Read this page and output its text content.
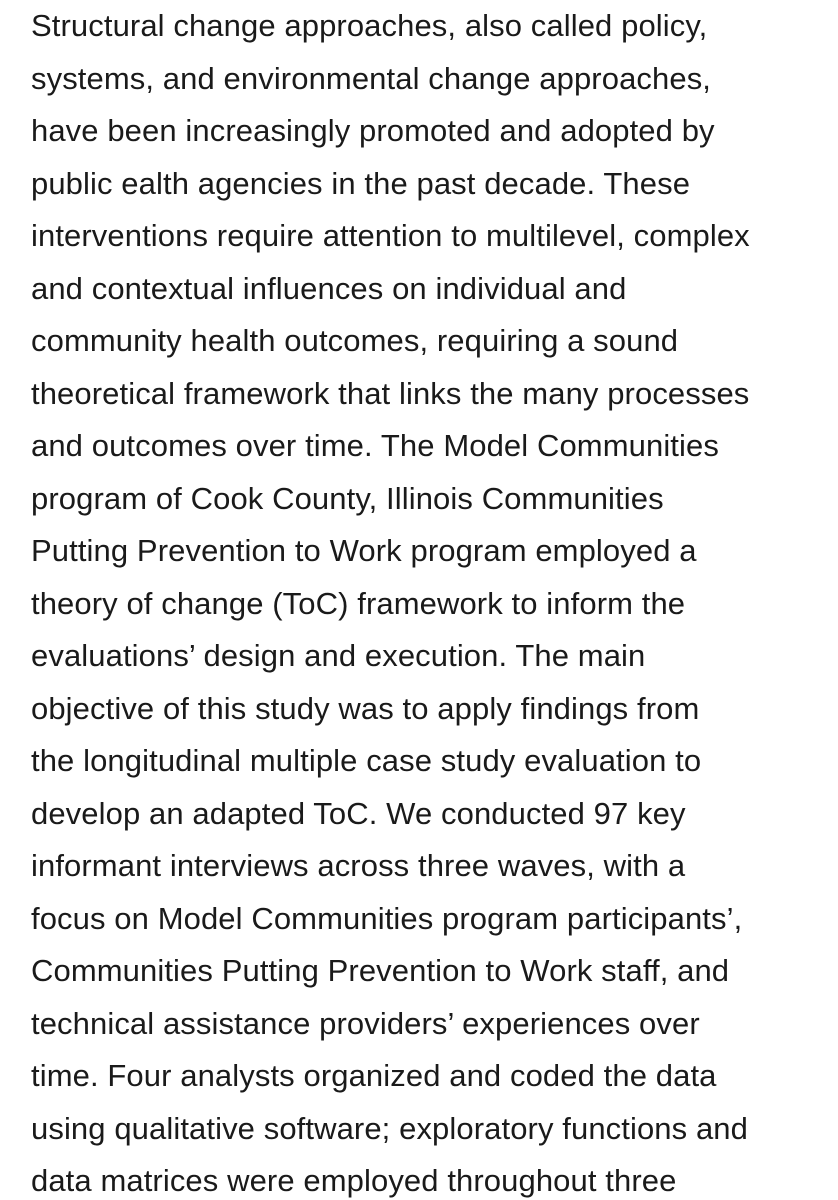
Structural change approaches, also called policy,
systems, and environmental change approaches,
have been increasingly promoted and adopted by
public ealth agencies in the past decade. These
interventions require attention to multilevel, complex
and contextual influences on individual and
community health outcomes, requiring a sound
theoretical framework that links the many processes
and outcomes over time. The Model Communities
program of Cook County, Illinois Communities
Putting Prevention to Work program employed a
theory of change (ToC) framework to inform the
evaluations’ design and execution. The main
objective of this study was to apply findings from
the longitudinal multiple case study evaluation to
develop an adapted ToC. We conducted 97 key
informant interviews across three waves, with a
focus on Model Communities program participants’,
Communities Putting Prevention to Work staff, and
technical assistance providers’ experiences over
time. Four analysts organized and coded the data
using qualitative software; exploratory functions and
data matrices were employed throughout three
